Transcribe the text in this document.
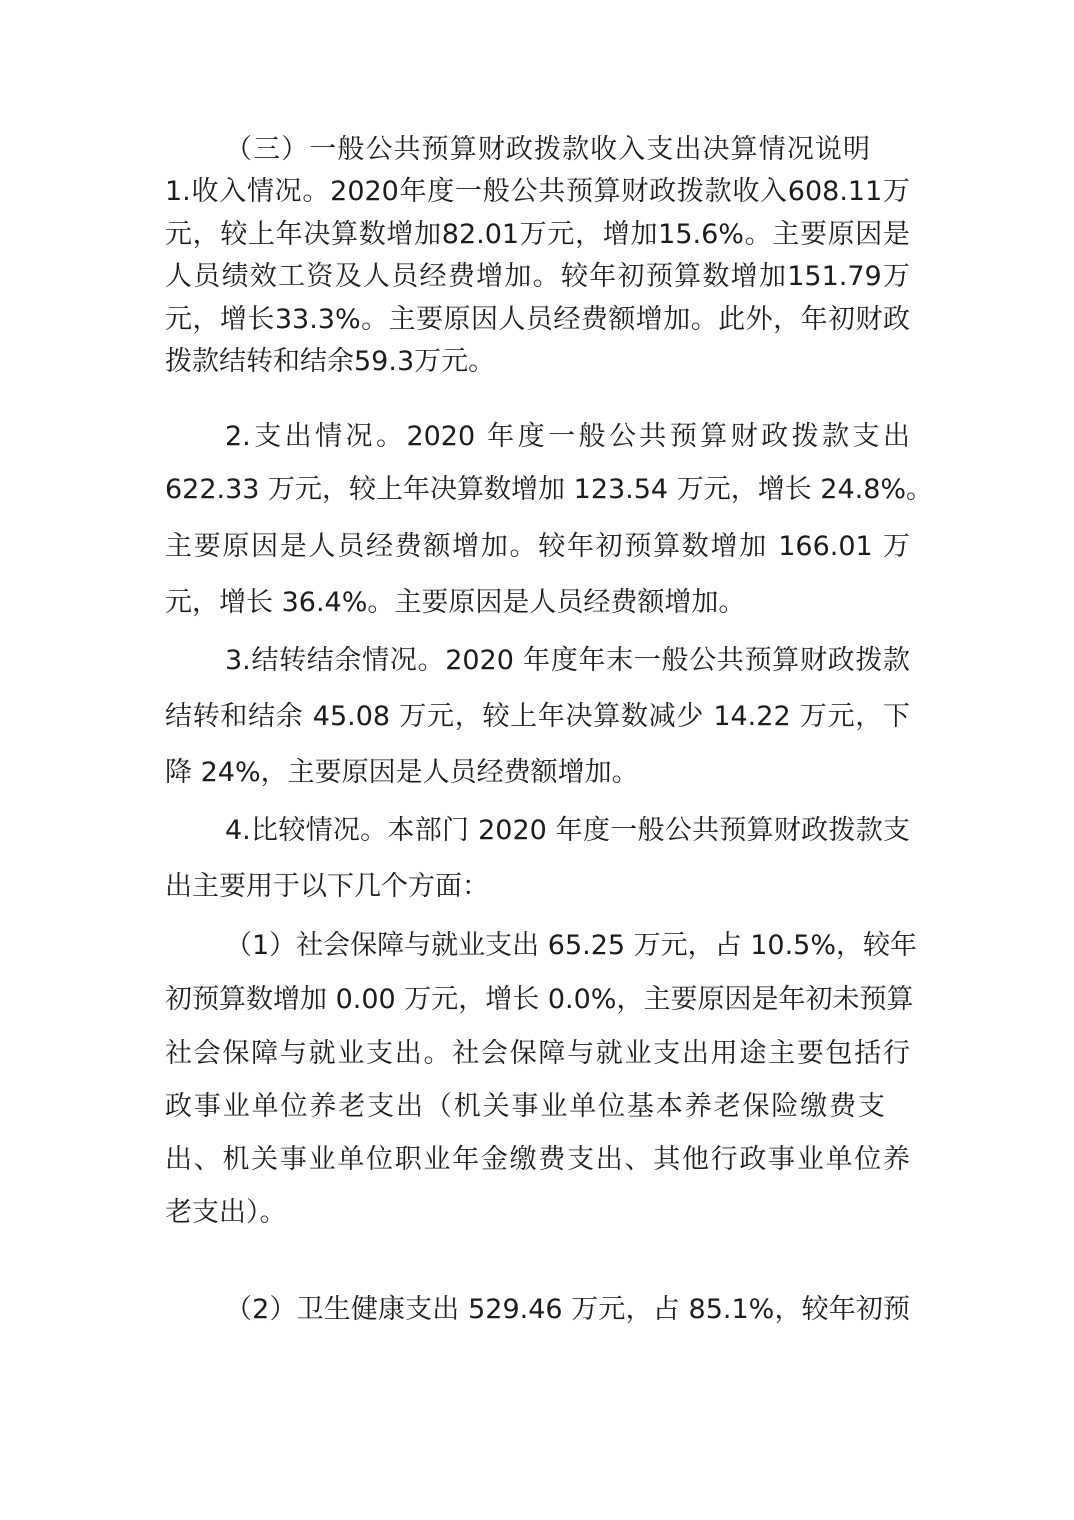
（三）一般公共预算财政拨款收入支出决算情况说明
1.收入情况。2020年度一般公共预算财政拨款收入608.11万
元，较上年决算数增加82.01万元，增加15.6%。主要原因是
人员绩效工资及人员经费增加。较年初预算数增加151.79万
元，增长33.3%。主要原因人员经费额增加。此外，年初财政
拨款结转和结余59.3万元。
2.支出情况。2020 年度一般公共预算财政拨款支出
622.33 万元，较上年决算数增加 123.54 万元，增长 24.8%。
主要原因是人员经费额增加。较年初预算数增加 166.01 万
元，增长 36.4%。主要原因是人员经费额增加。
3.结转结余情况。2020 年度年末一般公共预算财政拨款
结转和结余 45.08 万元，较上年决算数减少 14.22 万元，下
降 24%，主要原因是人员经费额增加。
4.比较情况。本部门 2020 年度一般公共预算财政拨款支
出主要用于以下几个方面：
（1）社会保障与就业支出 65.25 万元，占 10.5%，较年
初预算数增加 0.00 万元，增长 0.0%，主要原因是年初未预算
社会保障与就业支出。社会保障与就业支出用途主要包括行
政事业单位养老支出（机关事业单位基本养老保险缴费支
出、机关事业单位职业年金缴费支出、其他行政事业单位养
老支出）。
（2）卫生健康支出 529.46 万元，占 85.1%，较年初预
